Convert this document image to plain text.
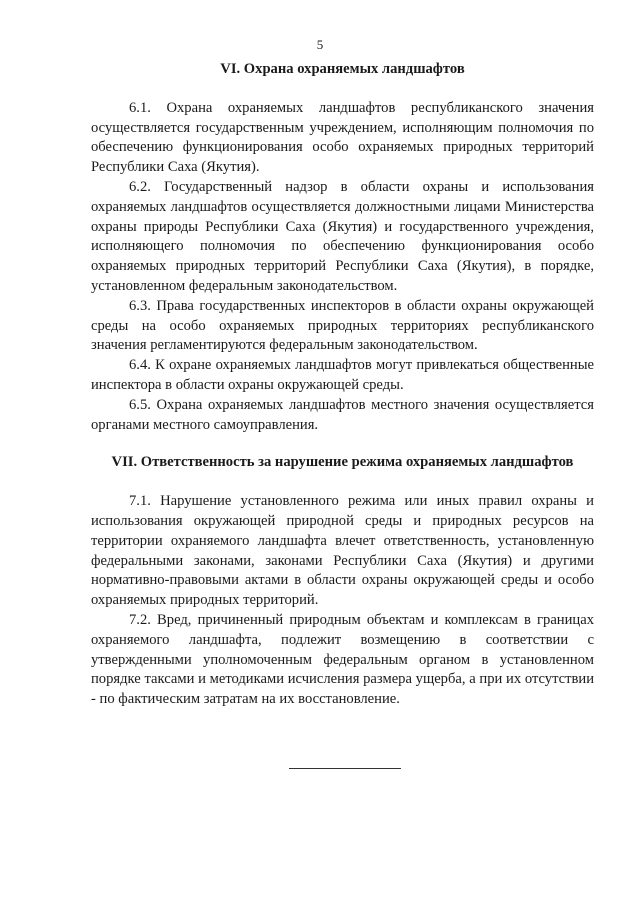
5
VI. Охрана охраняемых ландшафтов

6.1. Охрана охраняемых ландшафтов республиканского значения осуществляется государственным учреждением, исполняющим полномочия по обеспечению функционирования особо охраняемых природных территорий Республики Саха (Якутия).

6.2. Государственный надзор в области охраны и использования охраняемых ландшафтов осуществляется должностными лицами Министерства охраны природы Республики Саха (Якутия) и государственного учреждения, исполняющего полномочия по обеспечению функционирования особо охраняемых природных территорий Республики Саха (Якутия), в порядке, установленном федеральным законодательством.

6.3. Права государственных инспекторов в области охраны окружающей среды на особо охраняемых природных территориях республиканского значения регламентируются федеральным законодательством.

6.4. К охране охраняемых ландшафтов могут привлекаться общественные инспектора в области охраны окружающей среды.

6.5. Охрана охраняемых ландшафтов местного значения осуществляется органами местного самоуправления.

VII. Ответственность за нарушение режима охраняемых ландшафтов

7.1. Нарушение установленного режима или иных правил охраны и использования окружающей природной среды и природных ресурсов на территории охраняемого ландшафта влечет ответственность, установленную федеральными законами, законами Республики Саха (Якутия) и другими нормативно-правовыми актами в области охраны окружающей среды и особо охраняемых природных территорий.

7.2. Вред, причиненный природным объектам и комплексам в границах охраняемого ландшафта, подлежит возмещению в соответствии с утвержденными уполномоченным федеральным органом в установленном порядке таксами и методиками исчисления размера ущерба, а при их отсутствии - по фактическим затратам на их восстановление.
